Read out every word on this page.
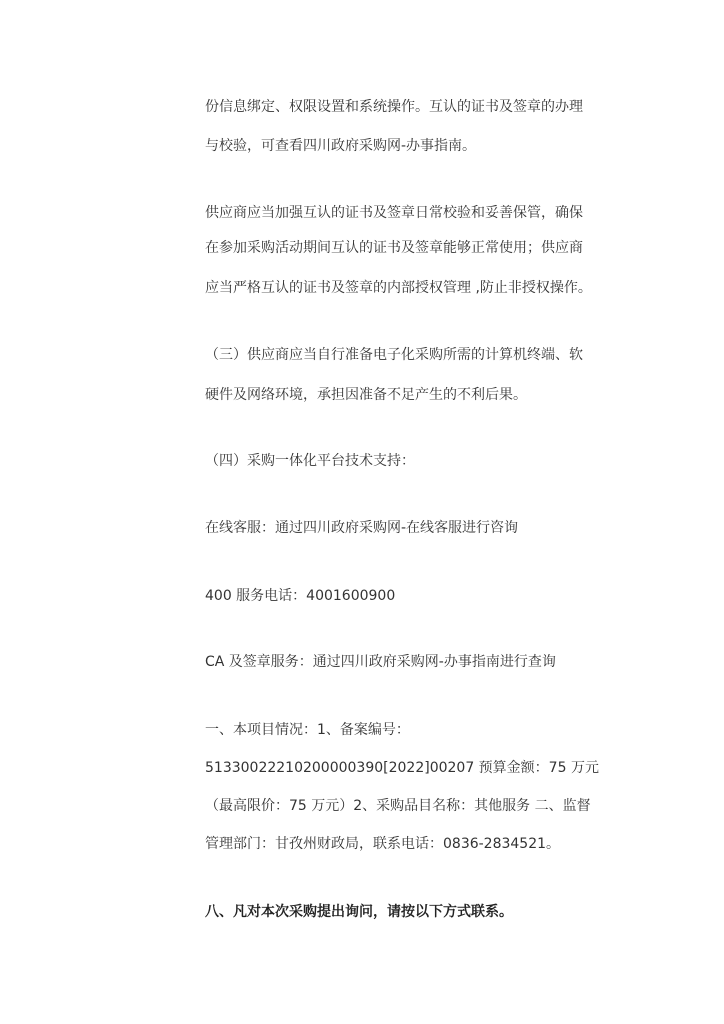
份信息绑定、权限设置和系统操作。互认的证书及签章的办理
与校验，可查看四川政府采购网-办事指南。
供应商应当加强互认的证书及签章日常校验和妥善保管，确保
在参加采购活动期间互认的证书及签章能够正常使用；供应商
应当严格互认的证书及签章的内部授权管理 ,防止非授权操作。
（三）供应商应当自行准备电子化采购所需的计算机终端、软
硬件及网络环境，承担因准备不足产生的不利后果。
（四）采购一体化平台技术支持：
在线客服：通过四川政府采购网-在线客服进行咨询
400 服务电话：4001600900
CA 及签章服务：通过四川政府采购网-办事指南进行查询
一、本项目情况：1、备案编号：
51330022210200000390[2022]00207 预算金额：75 万元
（最高限价：75 万元）2、采购品目名称：其他服务 二、监督
管理部门：甘孜州财政局，联系电话：0836-2834521。
八、凡对本次采购提出询问，请按以下方式联系。
